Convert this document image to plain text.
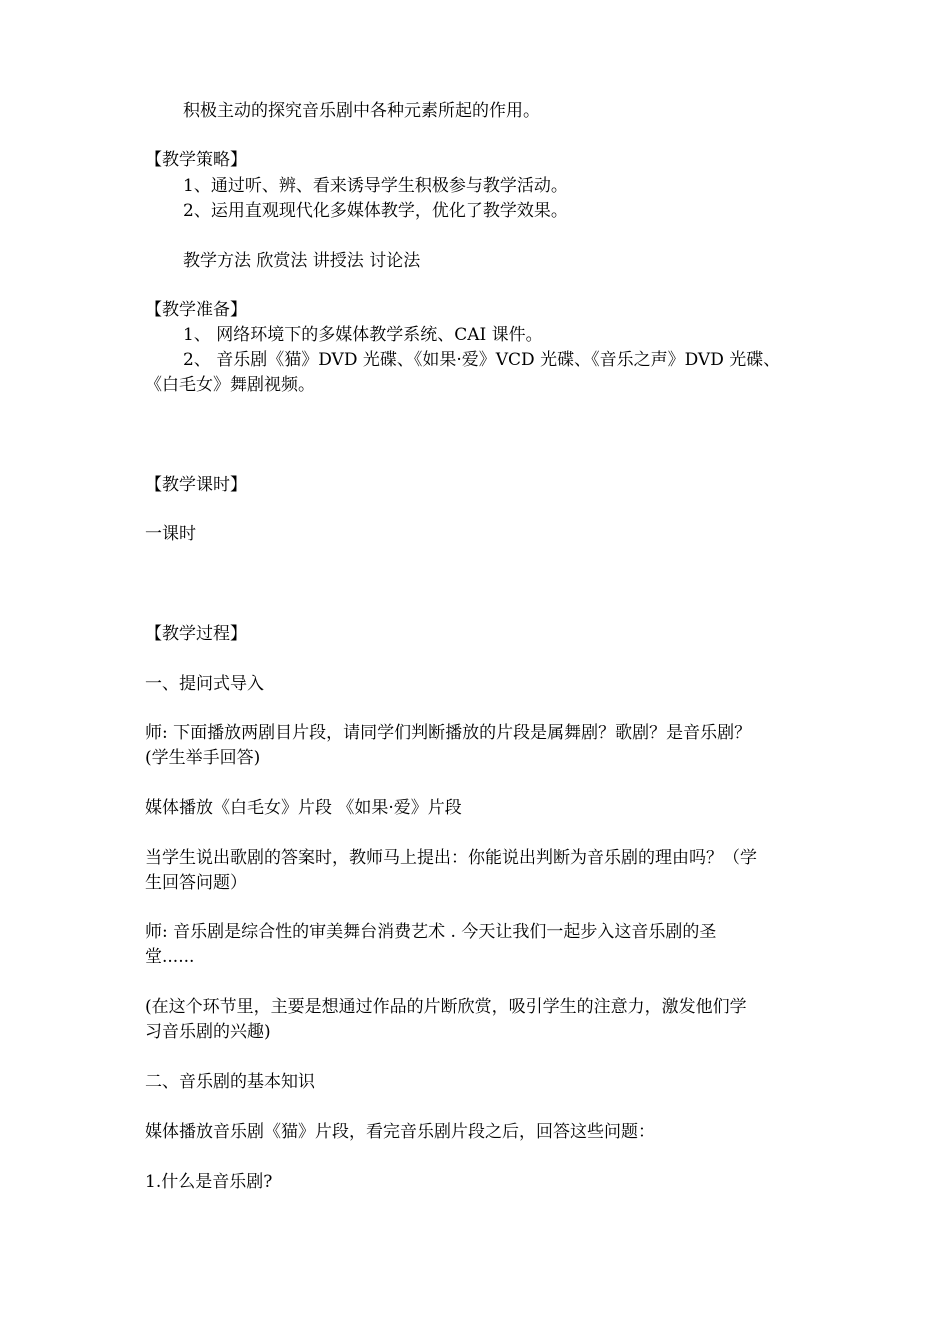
积极主动的探究音乐剧中各种元素所起的作用。
【教学策略】
1、通过听、辨、看来诱导学生积极参与教学活动。
2、运用直观现代化多媒体教学，优化了教学效果。
教学方法 欣赏法 讲授法 讨论法
【教学准备】
1、 网络环境下的多媒体教学系统、CAI 课件。
2、 音乐剧《猫》DVD 光碟、《如果·爱》VCD 光碟、《音乐之声》DVD 光碟、
《白毛女》舞剧视频。
【教学课时】
一课时
【教学过程】
一、提问式导入
师: 下面播放两剧目片段，请同学们判断播放的片段是属舞剧？歌剧？是音乐剧？
(学生举手回答)
媒体播放《白毛女》片段 《如果·爱》片段
当学生说出歌剧的答案时，教师马上提出：你能说出判断为音乐剧的理由吗？（学
生回答问题）
师: 音乐剧是综合性的审美舞台消费艺术 . 今天让我们一起步入这音乐剧的圣
堂......
(在这个环节里，主要是想通过作品的片断欣赏，吸引学生的注意力，激发他们学
习音乐剧的兴趣)
二、音乐剧的基本知识
媒体播放音乐剧《猫》片段，看完音乐剧片段之后，回答这些问题：
1.什么是音乐剧?
